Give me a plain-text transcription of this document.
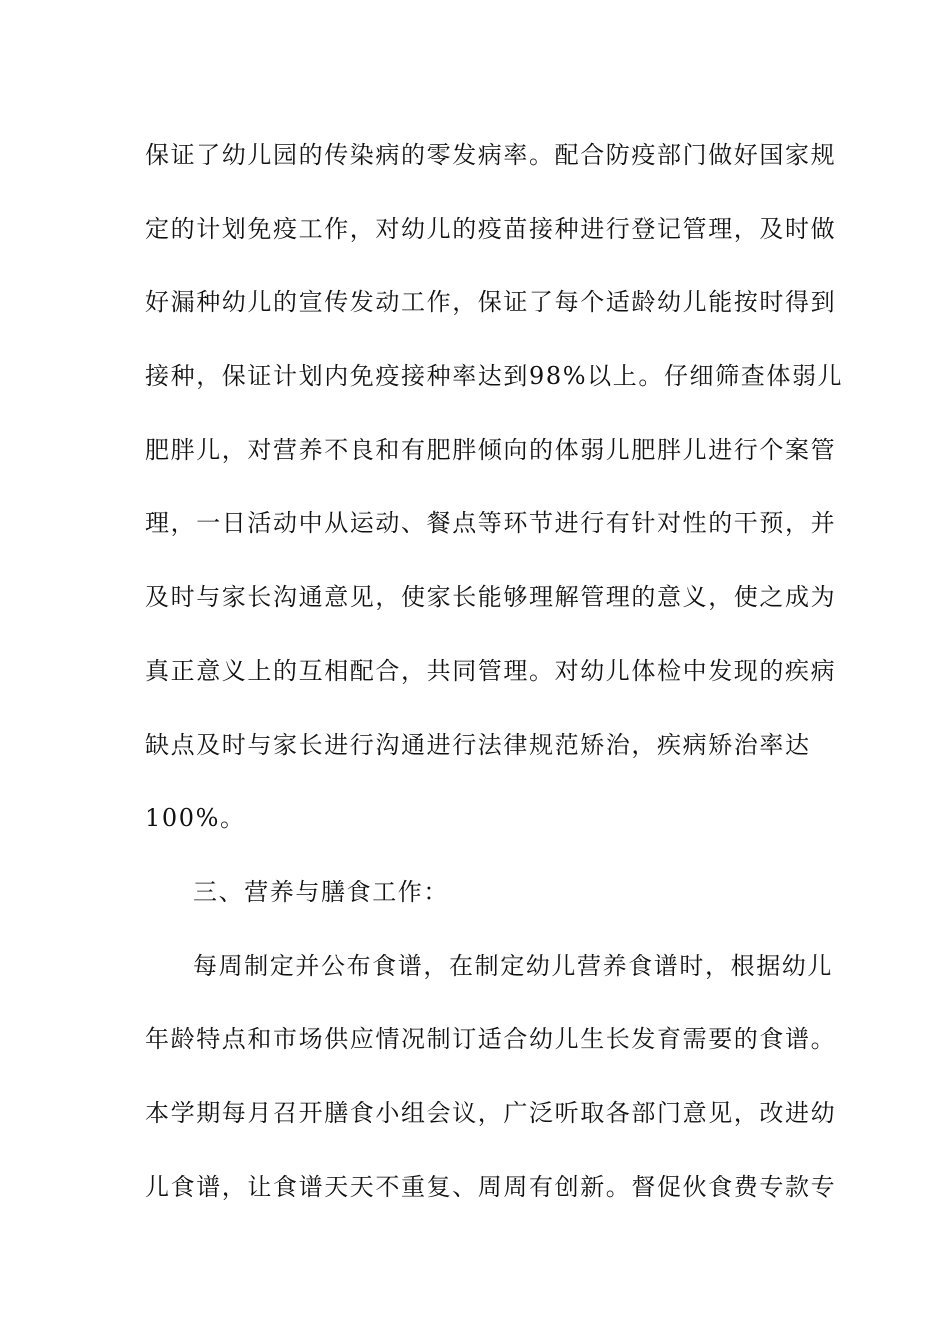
保证了幼儿园的传染病的零发病率。配合防疫部门做好国家规
定的计划免疫工作，对幼儿的疫苗接种进行登记管理，及时做
好漏种幼儿的宣传发动工作，保证了每个适龄幼儿能按时得到
接种，保证计划内免疫接种率达到98%以上。仔细筛查体弱儿
肥胖儿，对营养不良和有肥胖倾向的体弱儿肥胖儿进行个案管
理，一日活动中从运动、餐点等环节进行有针对性的干预，并
及时与家长沟通意见，使家长能够理解管理的意义，使之成为
真正意义上的互相配合，共同管理。对幼儿体检中发现的疾病
缺点及时与家长进行沟通进行法律规范矫治，疾病矫治率达
100%。
三、营养与膳食工作：
每周制定并公布食谱，在制定幼儿营养食谱时，根据幼儿
年龄特点和市场供应情况制订适合幼儿生长发育需要的食谱。
本学期每月召开膳食小组会议，广泛听取各部门意见，改进幼
儿食谱，让食谱天天不重复、周周有创新。督促伙食费专款专
